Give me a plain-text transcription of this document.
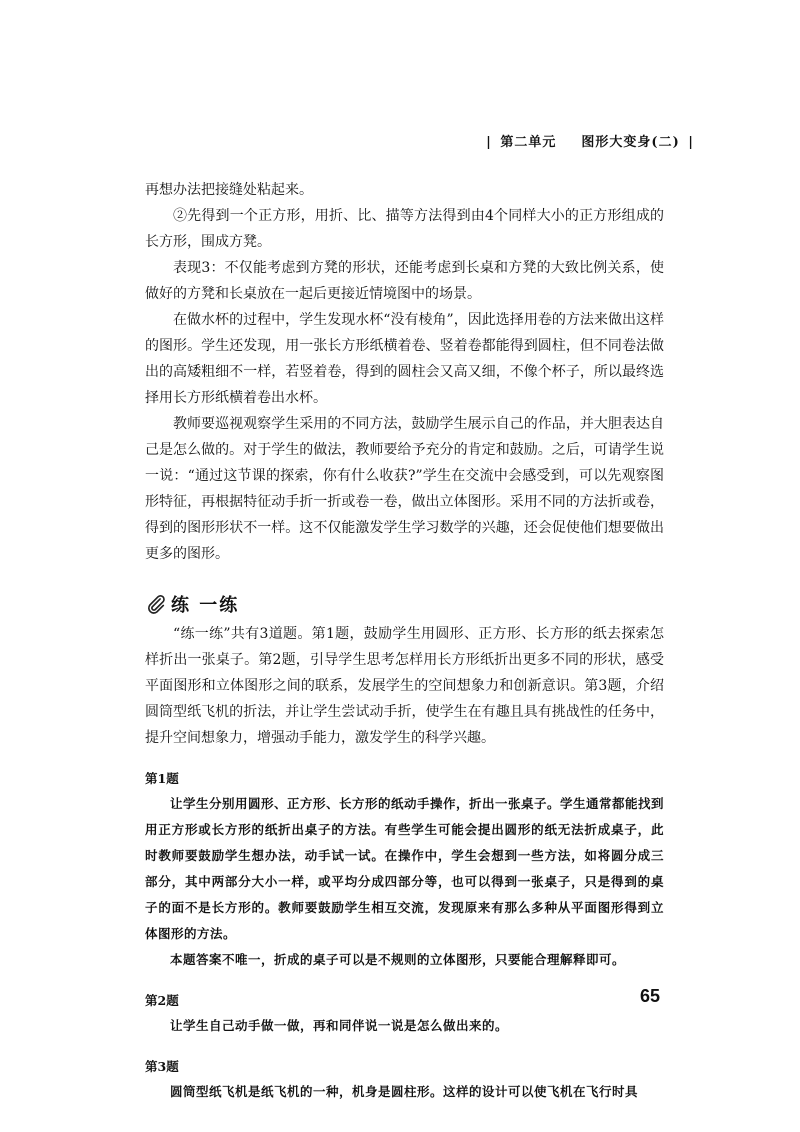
| 第二单元 图形大变身(二) |

再想办法把接缝处粘起来。

②先得到一个正方形，用折、比、描等方法得到由4个同样大小的正方形组成的长方形，围成方凳。

表现3：不仅能考虑到方凳的形状，还能考虑到长桌和方凳的大致比例关系，使做好的方凳和长桌放在一起后更接近情境图中的场景。

在做水杯的过程中，学生发现水杯“没有棱角”，因此选择用卷的方法来做出这样的图形。学生还发现，用一张长方形纸横着卷、竖着卷都能得到圆柱，但不同卷法做出的高矮粗细不一样，若竖着卷，得到的圆柱会又高又细，不像个杯子，所以最终选择用长方形纸横着卷出水杯。

教师要巡视观察学生采用的不同方法，鼓励学生展示自己的作品，并大胆表达自己是怎么做的。对于学生的做法，教师要给予充分的肯定和鼓励。之后，可请学生说一说：“通过这节课的探索，你有什么收获?”学生在交流中会感受到，可以先观察图形特征，再根据特征动手折一折或卷一卷，做出立体图形。采用不同的方法折或卷，得到的图形形状不一样。这不仅能激发学生学习数学的兴趣，还会促使他们想要做出更多的图形。

练 一练

“练一练”共有3道题。第1题，鼓励学生用圆形、正方形、长方形的纸去探索怎样折出一张桌子。第2题，引导学生思考怎样用长方形纸折出更多不同的形状，感受平面图形和立体图形之间的联系，发展学生的空间想象力和创新意识。第3题，介绍圆筒型纸飞机的折法，并让学生尝试动手折，使学生在有趣且具有挑战性的任务中，提升空间想象力，增强动手能力，激发学生的科学兴趣。

第1题

让学生分别用圆形、正方形、长方形的纸动手操作，折出一张桌子。学生通常都能找到用正方形或长方形的纸折出桌子的方法。有些学生可能会提出圆形的纸无法折成桌子，此时教师要鼓励学生想办法，动手试一试。在操作中，学生会想到一些方法，如将圆分成三部分，其中两部分大小一样，或平均分成四部分等，也可以得到一张桌子，只是得到的桌子的面不是长方形的。教师要鼓励学生相互交流，发现原来有那么多种从平面图形得到立体图形的方法。

本题答案不唯一，折成的桌子可以是不规则的立体图形，只要能合理解释即可。

第2题

让学生自己动手做一做，再和同伴说一说是怎么做出来的。

第3题

圆筒型纸飞机是纸飞机的一种，机身是圆柱形。这样的设计可以使飞机在飞行时具

65
